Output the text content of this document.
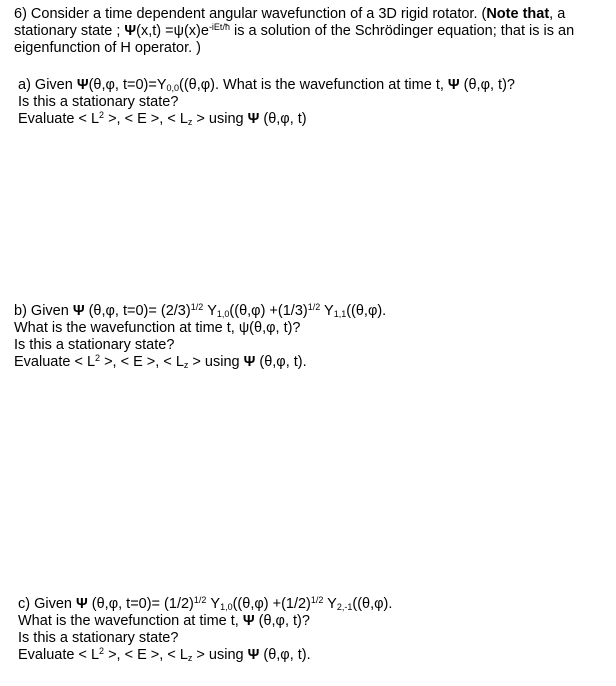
6) Consider a time dependent angular wavefunction of a 3D rigid rotator. (Note that, a
stationary state ; $\Psi(x,t) =\psi(x)e^{-iEt/ħ}$ is a solution of the Schrödinger equation; that is is an
eigenfunction of H operator. )
a) Given Ψ(θ,φ, $t=0)=Y_{0,0}((\theta,\varphi)$. What is the wavefunction at time t, Ψ (θ,φ, t)?
Is this a stationary state?
Evaluate < $L^2$ >, < E >, < $L_z > using$ Ψ (θ,φ, t)
b) Given Ψ (θ,φ, $t=0)= (2/3)^{1/2}$ $Y_{1,0}((\theta,\varphi) +(1/3)^{1/2}$ $Y_{1,1}((\theta,\varphi)$.
What is the wavefunction at time t, ψ(θ,φ, t)?
Is this a stationary state?
Evaluate < $L^2$ >, < E >, < $L_z > using$ Ψ (θ,φ, t).
c) Given Ψ (θ,φ, $t=0)= (1/2)^{1/2}$ $Y_{1,0}((\theta,\varphi) +(1/2)^{1/2}$ $Y_{2,-1}((\theta,\varphi)$.
What is the wavefunction at time t, Ψ (θ,φ, t)?
Is this a stationary state?
Evaluate < $L^2$ >, < E >, < $L_z > using$ Ψ (θ,φ, t).
